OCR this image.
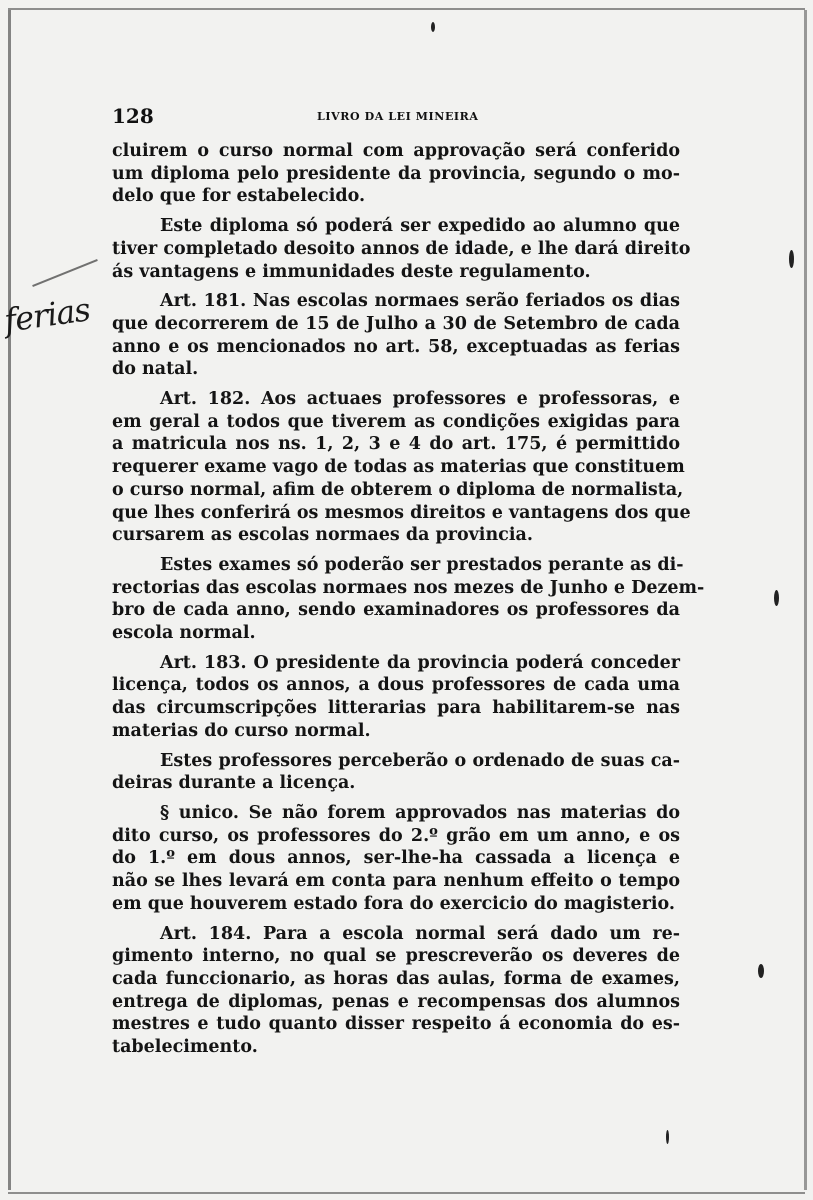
128	LIVRO DA LEI MINEIRA
ferias
cluirem o curso normal com approvação será conferido
um diploma pelo presidente da provincia, segundo o mo-
delo que for estabelecido.
Este diploma só poderá ser expedido ao alumno que
tiver completado desoito annos de idade, e lhe dará direito
ás vantagens e immunidades deste regulamento.
Art. 181. Nas escolas normaes serão feriados os dias
que decorrerem de 15 de Julho a 30 de Setembro de cada
anno e os mencionados no art. 58, exceptuadas as ferias
do natal.
Art. 182. Aos actuaes professores e professoras, e
em geral a todos que tiverem as condições exigidas para
a matricula nos ns. 1, 2, 3 e 4 do art. 175, é permittido
requerer exame vago de todas as materias que constituem
o curso normal, afim de obterem o diploma de normalista,
que lhes conferirá os mesmos direitos e vantagens dos que
cursarem as escolas normaes da provincia.
Estes exames só poderão ser prestados perante as di-
rectorias das escolas normaes nos mezes de Junho e Dezem-
bro de cada anno, sendo examinadores os professores da
escola normal.
Art. 183. O presidente da provincia poderá conceder
licença, todos os annos, a dous professores de cada uma
das circumscripções litterarias para habilitarem-se nas
materias do curso normal.
Estes professores perceberão o ordenado de suas ca-
deiras durante a licença.
§ unico. Se não forem approvados nas materias do
dito curso, os professores do 2.º grão em um anno, e os
do 1.º em dous annos, ser-lhe-ha cassada a licença e
não se lhes levará em conta para nenhum effeito o tempo
em que houverem estado fora do exercicio do magisterio.
Art. 184. Para a escola normal será dado um re-
gimento interno, no qual se prescreverão os deveres de
cada funccionario, as horas das aulas, forma de exames,
entrega de diplomas, penas e recompensas dos alumnos
mestres e tudo quanto disser respeito á economia do es-
tabelecimento.
